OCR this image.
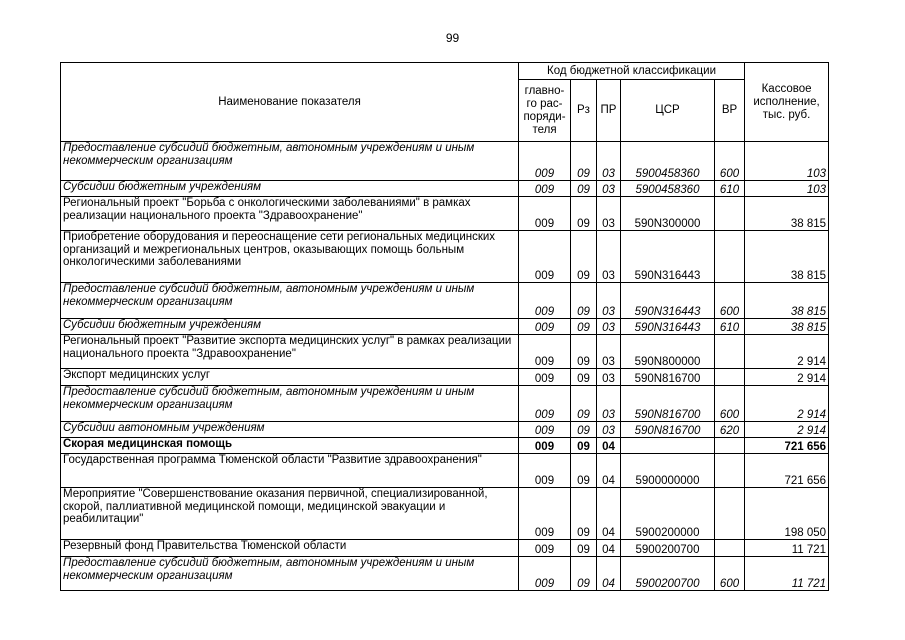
99
Наименование показателя	Код бюджетной классификации					Кассовое исполнение, тыс. руб.
	главно-го рас-поряди-теля	Рз	ПР	ЦСР	ВР	
Предоставление субсидий бюджетным, автономным учреждениям и иным некоммерческим организациям	009	09	03	5900458360	600	103
Субсидии бюджетным учреждениям	009	09	03	5900458360	610	103
Региональный проект "Борьба с онкологическими заболеваниями" в рамках реализации национального проекта "Здравоохранение"	009	09	03	590N300000		38 815
Приобретение оборудования и переоснащение сети региональных медицинских организаций и межрегиональных центров, оказывающих помощь больным онкологическими заболеваниями	009	09	03	590N316443		38 815
Предоставление субсидий бюджетным, автономным учреждениям и иным некоммерческим организациям	009	09	03	590N316443	600	38 815
Субсидии бюджетным учреждениям	009	09	03	590N316443	610	38 815
Региональный проект "Развитие экспорта медицинских услуг" в рамках реализации национального проекта "Здравоохранение"	009	09	03	590N800000		2 914
Экспорт медицинских услуг	009	09	03	590N816700		2 914
Предоставление субсидий бюджетным, автономным учреждениям и иным некоммерческим организациям	009	09	03	590N816700	600	2 914
Субсидии автономным учреждениям	009	09	03	590N816700	620	2 914
Скорая медицинская помощь	009	09	04			721 656
Государственная программа Тюменской области "Развитие здравоохранения"	009	09	04	5900000000		721 656
Мероприятие "Совершенствование оказания первичной, специализированной, скорой, паллиативной медицинской помощи, медицинской эвакуации и реабилитации"	009	09	04	5900200000		198 050
Резервный фонд Правительства Тюменской области	009	09	04	5900200700		11 721
Предоставление субсидий бюджетным, автономным учреждениям и иным некоммерческим организациям	009	09	04	5900200700	600	11 721
